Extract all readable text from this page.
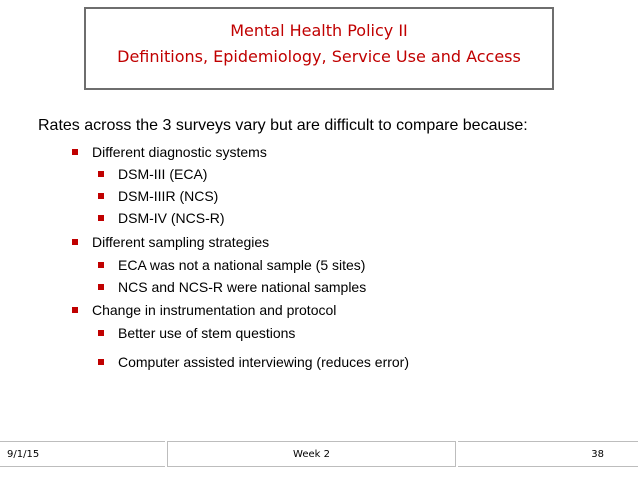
Mental Health Policy II
Definitions, Epidemiology, Service Use and Access
Rates across the 3 surveys vary but are difficult to compare because:
Different diagnostic systems
DSM-III (ECA)
DSM-IIIR (NCS)
DSM-IV (NCS-R)
Different sampling strategies
ECA was not a national sample (5 sites)
NCS and NCS-R were national samples
Change in instrumentation and protocol
Better use of stem questions
Computer assisted interviewing (reduces error)
9/1/15	Week 2	38
